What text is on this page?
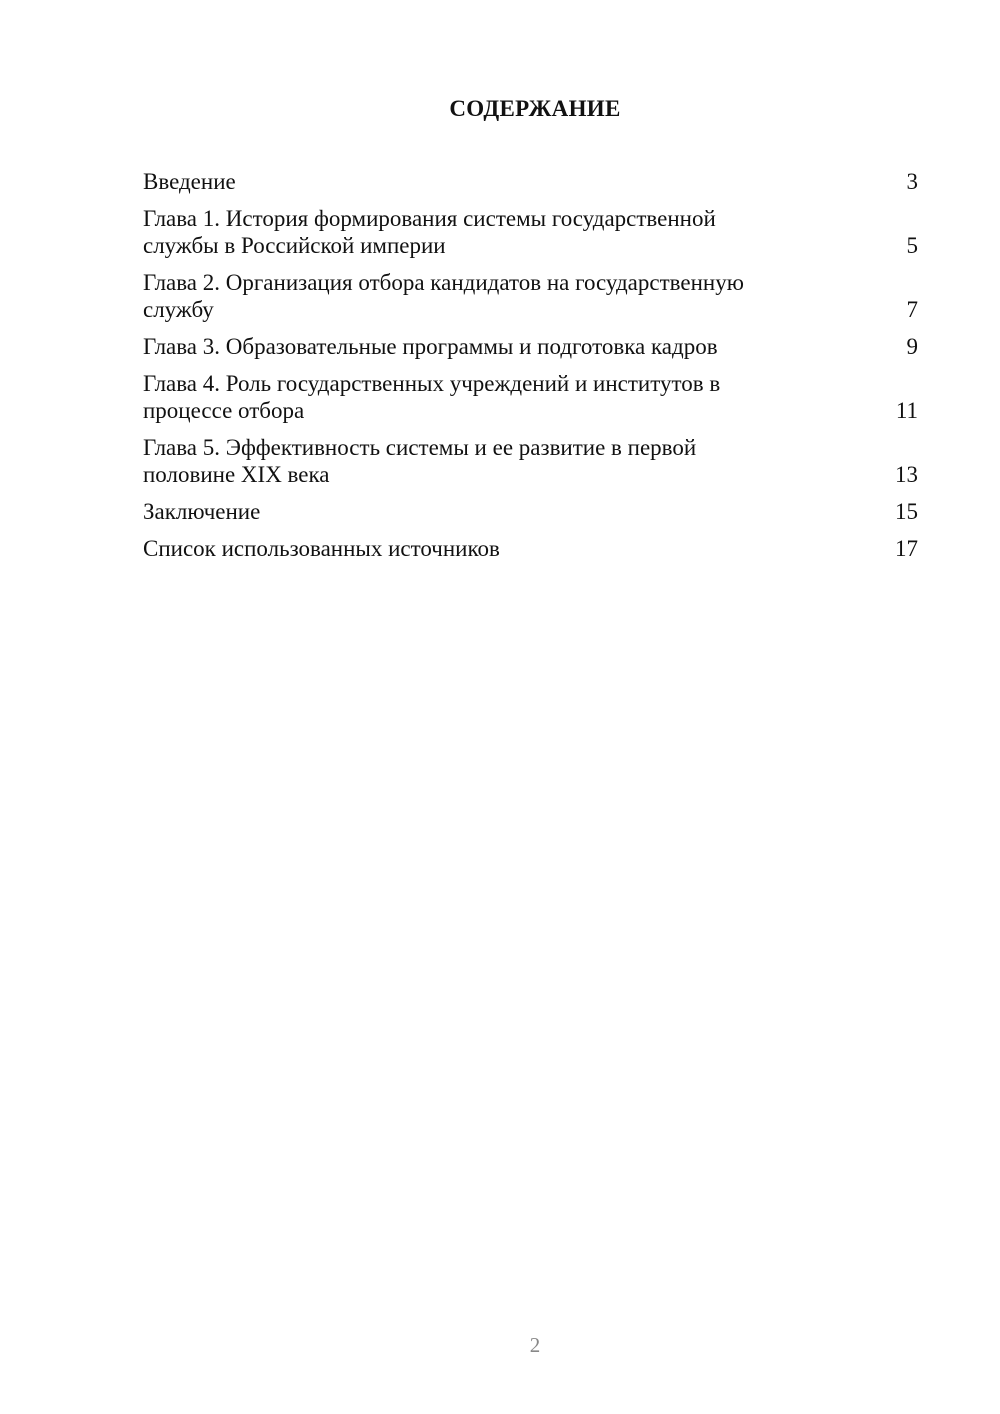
СОДЕРЖАНИЕ
Введение	3
Глава 1. История формирования системы государственной
службы в Российской империи	5
Глава 2. Организация отбора кандидатов на государственную
службу	7
Глава 3. Образовательные программы и подготовка кадров	9
Глава 4. Роль государственных учреждений и институтов в
процессе отбора	11
Глава 5. Эффективность системы и ее развитие в первой
половине XIX века	13
Заключение	15
Список использованных источников	17
2
